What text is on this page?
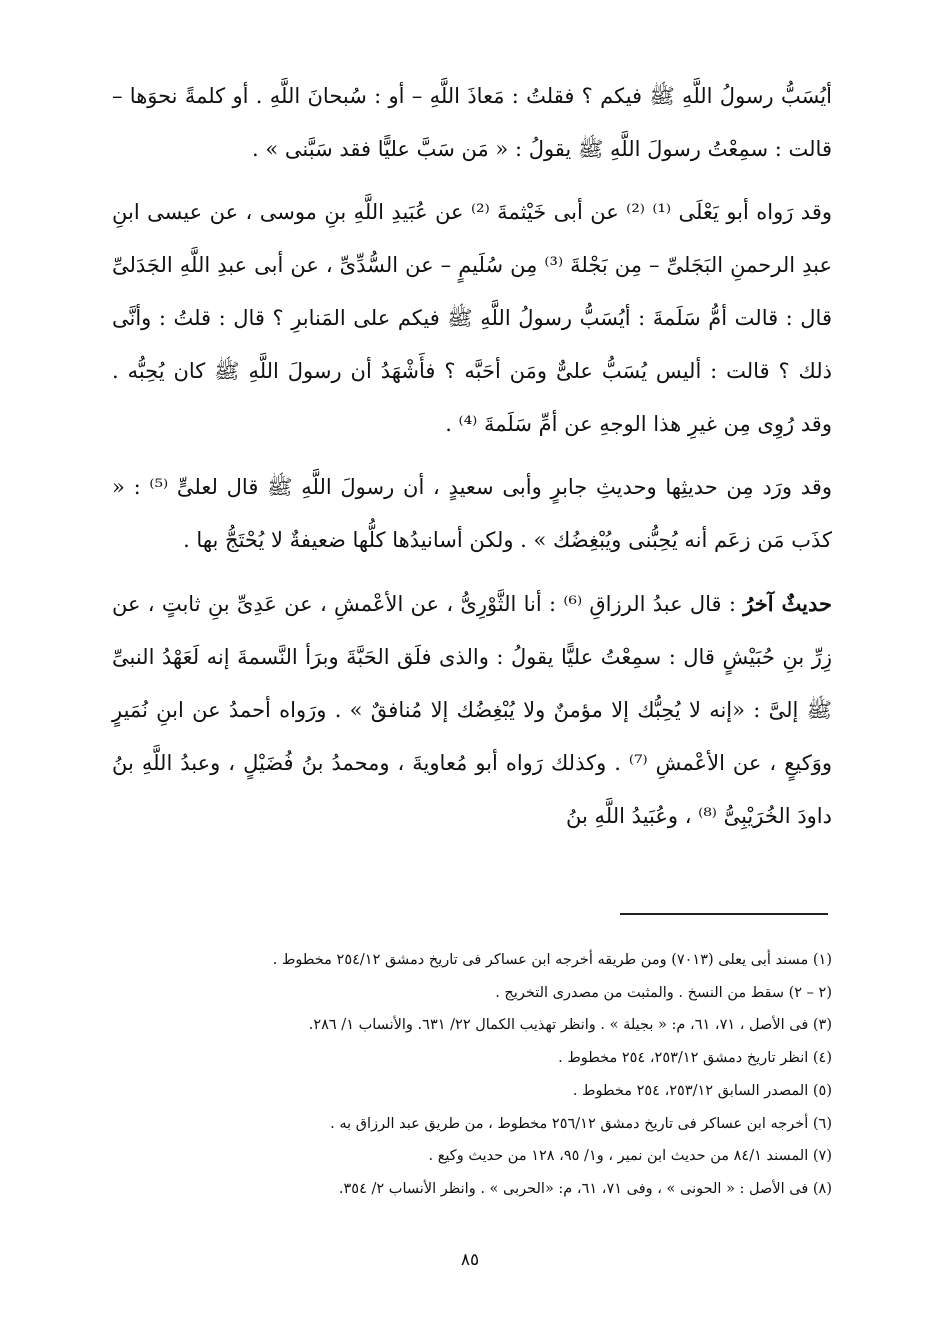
أيُسَبُّ رسولُ اللَّهِ ﷺ فيكم ؟ فقلتُ : مَعاذَ اللَّهِ – أو : سُبحانَ اللَّهِ . أو كلمةً نحوَها – قالت : سمِعْتُ رسولَ اللَّهِ ﷺ يقولُ : « مَن سَبَّ عليًّا فقد سَبَّنى » .

وقد رَواه أبو يَعْلَى ⁽¹⁾ ⁽²⁾ عن أبى خَيْثمةَ ⁽²⁾ عن عُبَيدِ اللَّهِ بنِ موسى ، عن عيسى ابنِ عبدِ الرحمنِ البَجَلىِّ – مِن بَجْلةَ ⁽³⁾ مِن سُلَيمٍ – عن السُّدِّىِّ ، عن أبى عبدِ اللَّهِ الجَدَلىِّ قال : قالت أمُّ سَلَمةَ : أيُسَبُّ رسولُ اللَّهِ ﷺ فيكم على المَنابرِ ؟ قال : قلتُ : وأنَّى ذلك ؟ قالت : أليس يُسَبُّ علىٌّ ومَن أحَبَّه ؟ فأَشْهَدُ أن رسولَ اللَّهِ ﷺ كان يُحِبُّه . وقد رُوِى مِن غيرِ هذا الوجهِ عن أمِّ سَلَمةَ ⁽⁴⁾ .

وقد ورَد مِن حديثِها وحديثِ جابرٍ وأبى سعيدٍ ، أن رسولَ اللَّهِ ﷺ قال لعلىٍّ ⁽⁵⁾ : « كذَب مَن زعَم أنه يُحِبُّنى ويُبْغِضُك » . ولكن أسانيدُها كلُّها ضعيفةٌ لا يُحْتَجُّ بها .

حديثٌ آخرُ : قال عبدُ الرزاقِ ⁽⁶⁾ : أنا الثَّوْرِىُّ ، عن الأعْمشِ ، عن عَدِىِّ بنِ ثابتٍ ، عن زِرِّ بنِ حُبَيْشٍ قال : سمِعْتُ عليًّا يقولُ : والذى فلَق الحَبَّةَ وبرَأ النَّسمةَ إنه لَعَهْدُ النبىِّ ﷺ إلىَّ : «إنه لا يُحِبُّك إلا مؤمنٌ ولا يُبْغِضُك إلا مُنافقٌ » . ورَواه أحمدُ عن ابنِ نُمَيرٍ ووَكيعٍ ، عن الأعْمشِ ⁽⁷⁾ . وكذلك رَواه أبو مُعاويةَ ، ومحمدُ بنُ فُضَيْلٍ ، وعبدُ اللَّهِ بنُ داودَ الخُرَيْبِىُّ ⁽⁸⁾ ، وعُبَيدُ اللَّهِ بنُ

(١) مسند أبى يعلى (٧٠١٣) ومن طريقه أخرجه ابن عساكر فى تاريخ دمشق ٢٥٤/١٢ مخطوط .

(٢ – ٢) سقط من النسخ . والمثبت من مصدرى التخريج .

(٣) فى الأصل ، ٧١، ٦١، م: « بجيلة » . وانظر تهذيب الكمال ٢٢/ ٦٣١. والأنساب ١/ ٢٨٦.

(٤) انظر تاريخ دمشق ٢٥٣/١٢، ٢٥٤ مخطوط .

(٥) المصدر السابق ٢٥٣/١٢، ٢٥٤ مخطوط .

(٦) أخرجه ابن عساكر فى تاريخ دمشق ٢٥٦/١٢ مخطوط ، من طريق عبد الرزاق به .

(٧) المسند ٨٤/١ من حديث ابن نمير ، و١/ ٩٥، ١٢٨ من حديث وكيع .

(٨) فى الأصل : « الحونى » ، وفى ٧١، ٦١، م: «الحربى » . وانظر الأنساب ٢/ ٣٥٤.

٨٥
